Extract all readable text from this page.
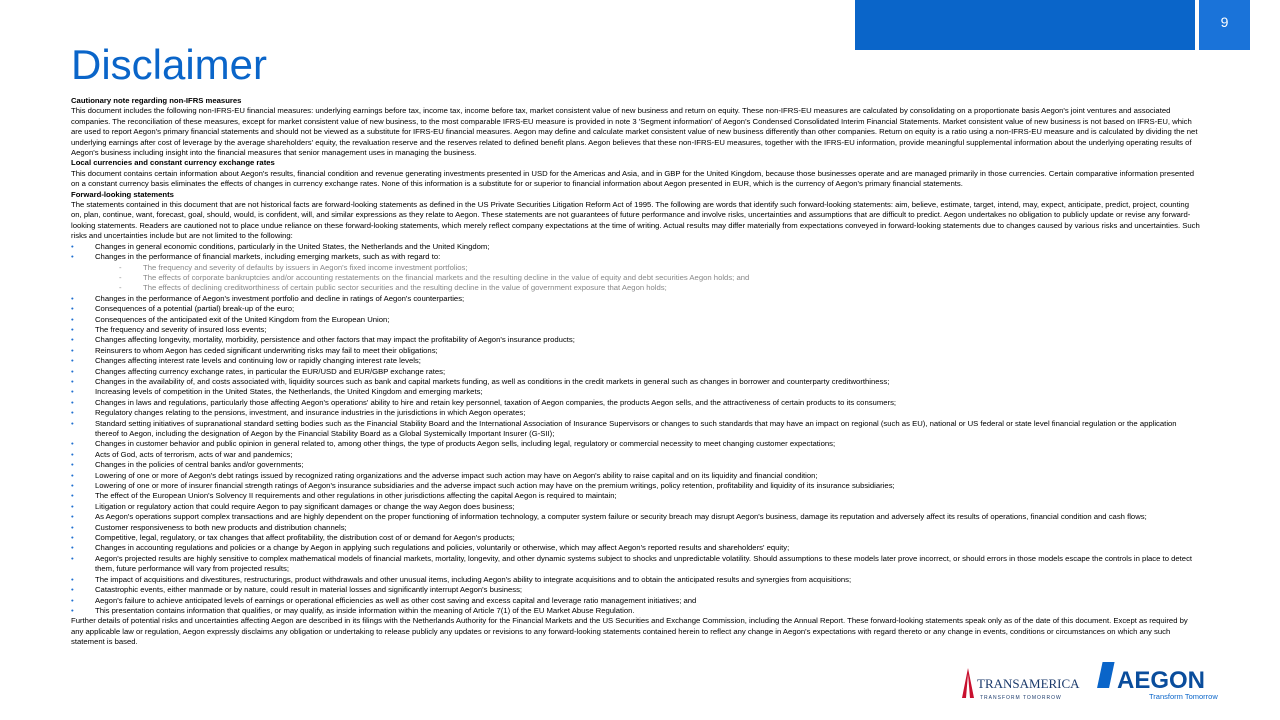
9
Disclaimer

Cautionary note regarding non-IFRS measures

This document includes the following non-IFRS-EU financial measures: underlying earnings before tax, income tax, income before tax, market consistent value of new business and return on equity. These non-IFRS-EU measures are calculated by consolidating on a proportionate basis Aegon's joint ventures and associated companies. The reconciliation of these measures, except for market consistent value of new business, to the most comparable IFRS-EU measure is provided in note 3 'Segment information' of Aegon's Condensed Consolidated Interim Financial Statements. Market consistent value of new business is not based on IFRS-EU, which are used to report Aegon's primary financial statements and should not be viewed as a substitute for IFRS-EU financial measures. Aegon may define and calculate market consistent value of new business differently than other companies. Return on equity is a ratio using a non-IFRS-EU measure and is calculated by dividing the net underlying earnings after cost of leverage by the average shareholders' equity, the revaluation reserve and the reserves related to defined benefit plans. Aegon believes that these non-IFRS-EU measures, together with the IFRS-EU information, provide meaningful supplemental information about the underlying operating results of Aegon's business including insight into the financial measures that senior management uses in managing the business.

Local currencies and constant currency exchange rates

This document contains certain information about Aegon's results, financial condition and revenue generating investments presented in USD for the Americas and Asia, and in GBP for the United Kingdom, because those businesses operate and are managed primarily in those currencies. Certain comparative information presented on a constant currency basis eliminates the effects of changes in currency exchange rates. None of this information is a substitute for or superior to financial information about Aegon presented in EUR, which is the currency of Aegon's primary financial statements.

Forward-looking statements

The statements contained in this document that are not historical facts are forward-looking statements as defined in the US Private Securities Litigation Reform Act of 1995. The following are words that identify such forward-looking statements: aim, believe, estimate, target, intend, may, expect, anticipate, predict, project, counting on, plan, continue, want, forecast, goal, should, would, is confident, will, and similar expressions as they relate to Aegon. These statements are not guarantees of future performance and involve risks, uncertainties and assumptions that are difficult to predict. Aegon undertakes no obligation to publicly update or revise any forward-looking statements. Readers are cautioned not to place undue reliance on these forward-looking statements, which merely reflect company expectations at the time of writing. Actual results may differ materially from expectations conveyed in forward-looking statements due to changes caused by various risks and uncertainties. Such risks and uncertainties include but are not limited to the following:

• Changes in general economic conditions, particularly in the United States, the Netherlands and the United Kingdom;
• Changes in the performance of financial markets, including emerging markets, such as with regard to:
- The frequency and severity of defaults by issuers in Aegon's fixed income investment portfolios;
- The effects of corporate bankruptcies and/or accounting restatements on the financial markets and the resulting decline in the value of equity and debt securities Aegon holds; and
- The effects of declining creditworthiness of certain public sector securities and the resulting decline in the value of government exposure that Aegon holds;
• Changes in the performance of Aegon's investment portfolio and decline in ratings of Aegon's counterparties;
• Consequences of a potential (partial) break-up of the euro;
• Consequences of the anticipated exit of the United Kingdom from the European Union;
• The frequency and severity of insured loss events;
• Changes affecting longevity, mortality, morbidity, persistence and other factors that may impact the profitability of Aegon's insurance products;
• Reinsurers to whom Aegon has ceded significant underwriting risks may fail to meet their obligations;
• Changes affecting interest rate levels and continuing low or rapidly changing interest rate levels;
• Changes affecting currency exchange rates, in particular the EUR/USD and EUR/GBP exchange rates;
• Changes in the availability of, and costs associated with, liquidity sources such as bank and capital markets funding, as well as conditions in the credit markets in general such as changes in borrower and counterparty creditworthiness;
• Increasing levels of competition in the United States, the Netherlands, the United Kingdom and emerging markets;
• Changes in laws and regulations, particularly those affecting Aegon's operations' ability to hire and retain key personnel, taxation of Aegon companies, the products Aegon sells, and the attractiveness of certain products to its consumers;
• Regulatory changes relating to the pensions, investment, and insurance industries in the jurisdictions in which Aegon operates;
• Standard setting initiatives of supranational standard setting bodies such as the Financial Stability Board and the International Association of Insurance Supervisors or changes to such standards that may have an impact on regional (such as EU), national or US federal or state level financial regulation or the application thereof to Aegon, including the designation of Aegon by the Financial Stability Board as a Global Systemically Important Insurer (G-SII);
• Changes in customer behavior and public opinion in general related to, among other things, the type of products Aegon sells, including legal, regulatory or commercial necessity to meet changing customer expectations;
• Acts of God, acts of terrorism, acts of war and pandemics;
• Changes in the policies of central banks and/or governments;
• Lowering of one or more of Aegon's debt ratings issued by recognized rating organizations and the adverse impact such action may have on Aegon's ability to raise capital and on its liquidity and financial condition;
• Lowering of one or more of insurer financial strength ratings of Aegon's insurance subsidiaries and the adverse impact such action may have on the premium writings, policy retention, profitability and liquidity of its insurance subsidiaries;
• The effect of the European Union's Solvency II requirements and other regulations in other jurisdictions affecting the capital Aegon is required to maintain;
• Litigation or regulatory action that could require Aegon to pay significant damages or change the way Aegon does business;
• As Aegon's operations support complex transactions and are highly dependent on the proper functioning of information technology, a computer system failure or security breach may disrupt Aegon's business, damage its reputation and adversely affect its results of operations, financial condition and cash flows;
• Customer responsiveness to both new products and distribution channels;
• Competitive, legal, regulatory, or tax changes that affect profitability, the distribution cost of or demand for Aegon's products;
• Changes in accounting regulations and policies or a change by Aegon in applying such regulations and policies, voluntarily or otherwise, which may affect Aegon's reported results and shareholders' equity;
• Aegon's projected results are highly sensitive to complex mathematical models of financial markets, mortality, longevity, and other dynamic systems subject to shocks and unpredictable volatility. Should assumptions to these models later prove incorrect, or should errors in those models escape the controls in place to detect them, future performance will vary from projected results;
• The impact of acquisitions and divestitures, restructurings, product withdrawals and other unusual items, including Aegon's ability to integrate acquisitions and to obtain the anticipated results and synergies from acquisitions;
• Catastrophic events, either manmade or by nature, could result in material losses and significantly interrupt Aegon's business;
• Aegon's failure to achieve anticipated levels of earnings or operational efficiencies as well as other cost saving and excess capital and leverage ratio management initiatives; and
• This presentation contains information that qualifies, or may qualify, as inside information within the meaning of Article 7(1) of the EU Market Abuse Regulation.

Further details of potential risks and uncertainties affecting Aegon are described in its filings with the Netherlands Authority for the Financial Markets and the US Securities and Exchange Commission, including the Annual Report. These forward-looking statements speak only as of the date of this document. Except as required by any applicable law or regulation, Aegon expressly disclaims any obligation or undertaking to release publicly any updates or revisions to any forward-looking statements contained herein to reflect any change in Aegon's expectations with regard thereto or any change in events, conditions or circumstances on which any such statement is based.

TRANSAMERICA
TRANSFORM TOMORROW
AEGON
Transform Tomorrow
